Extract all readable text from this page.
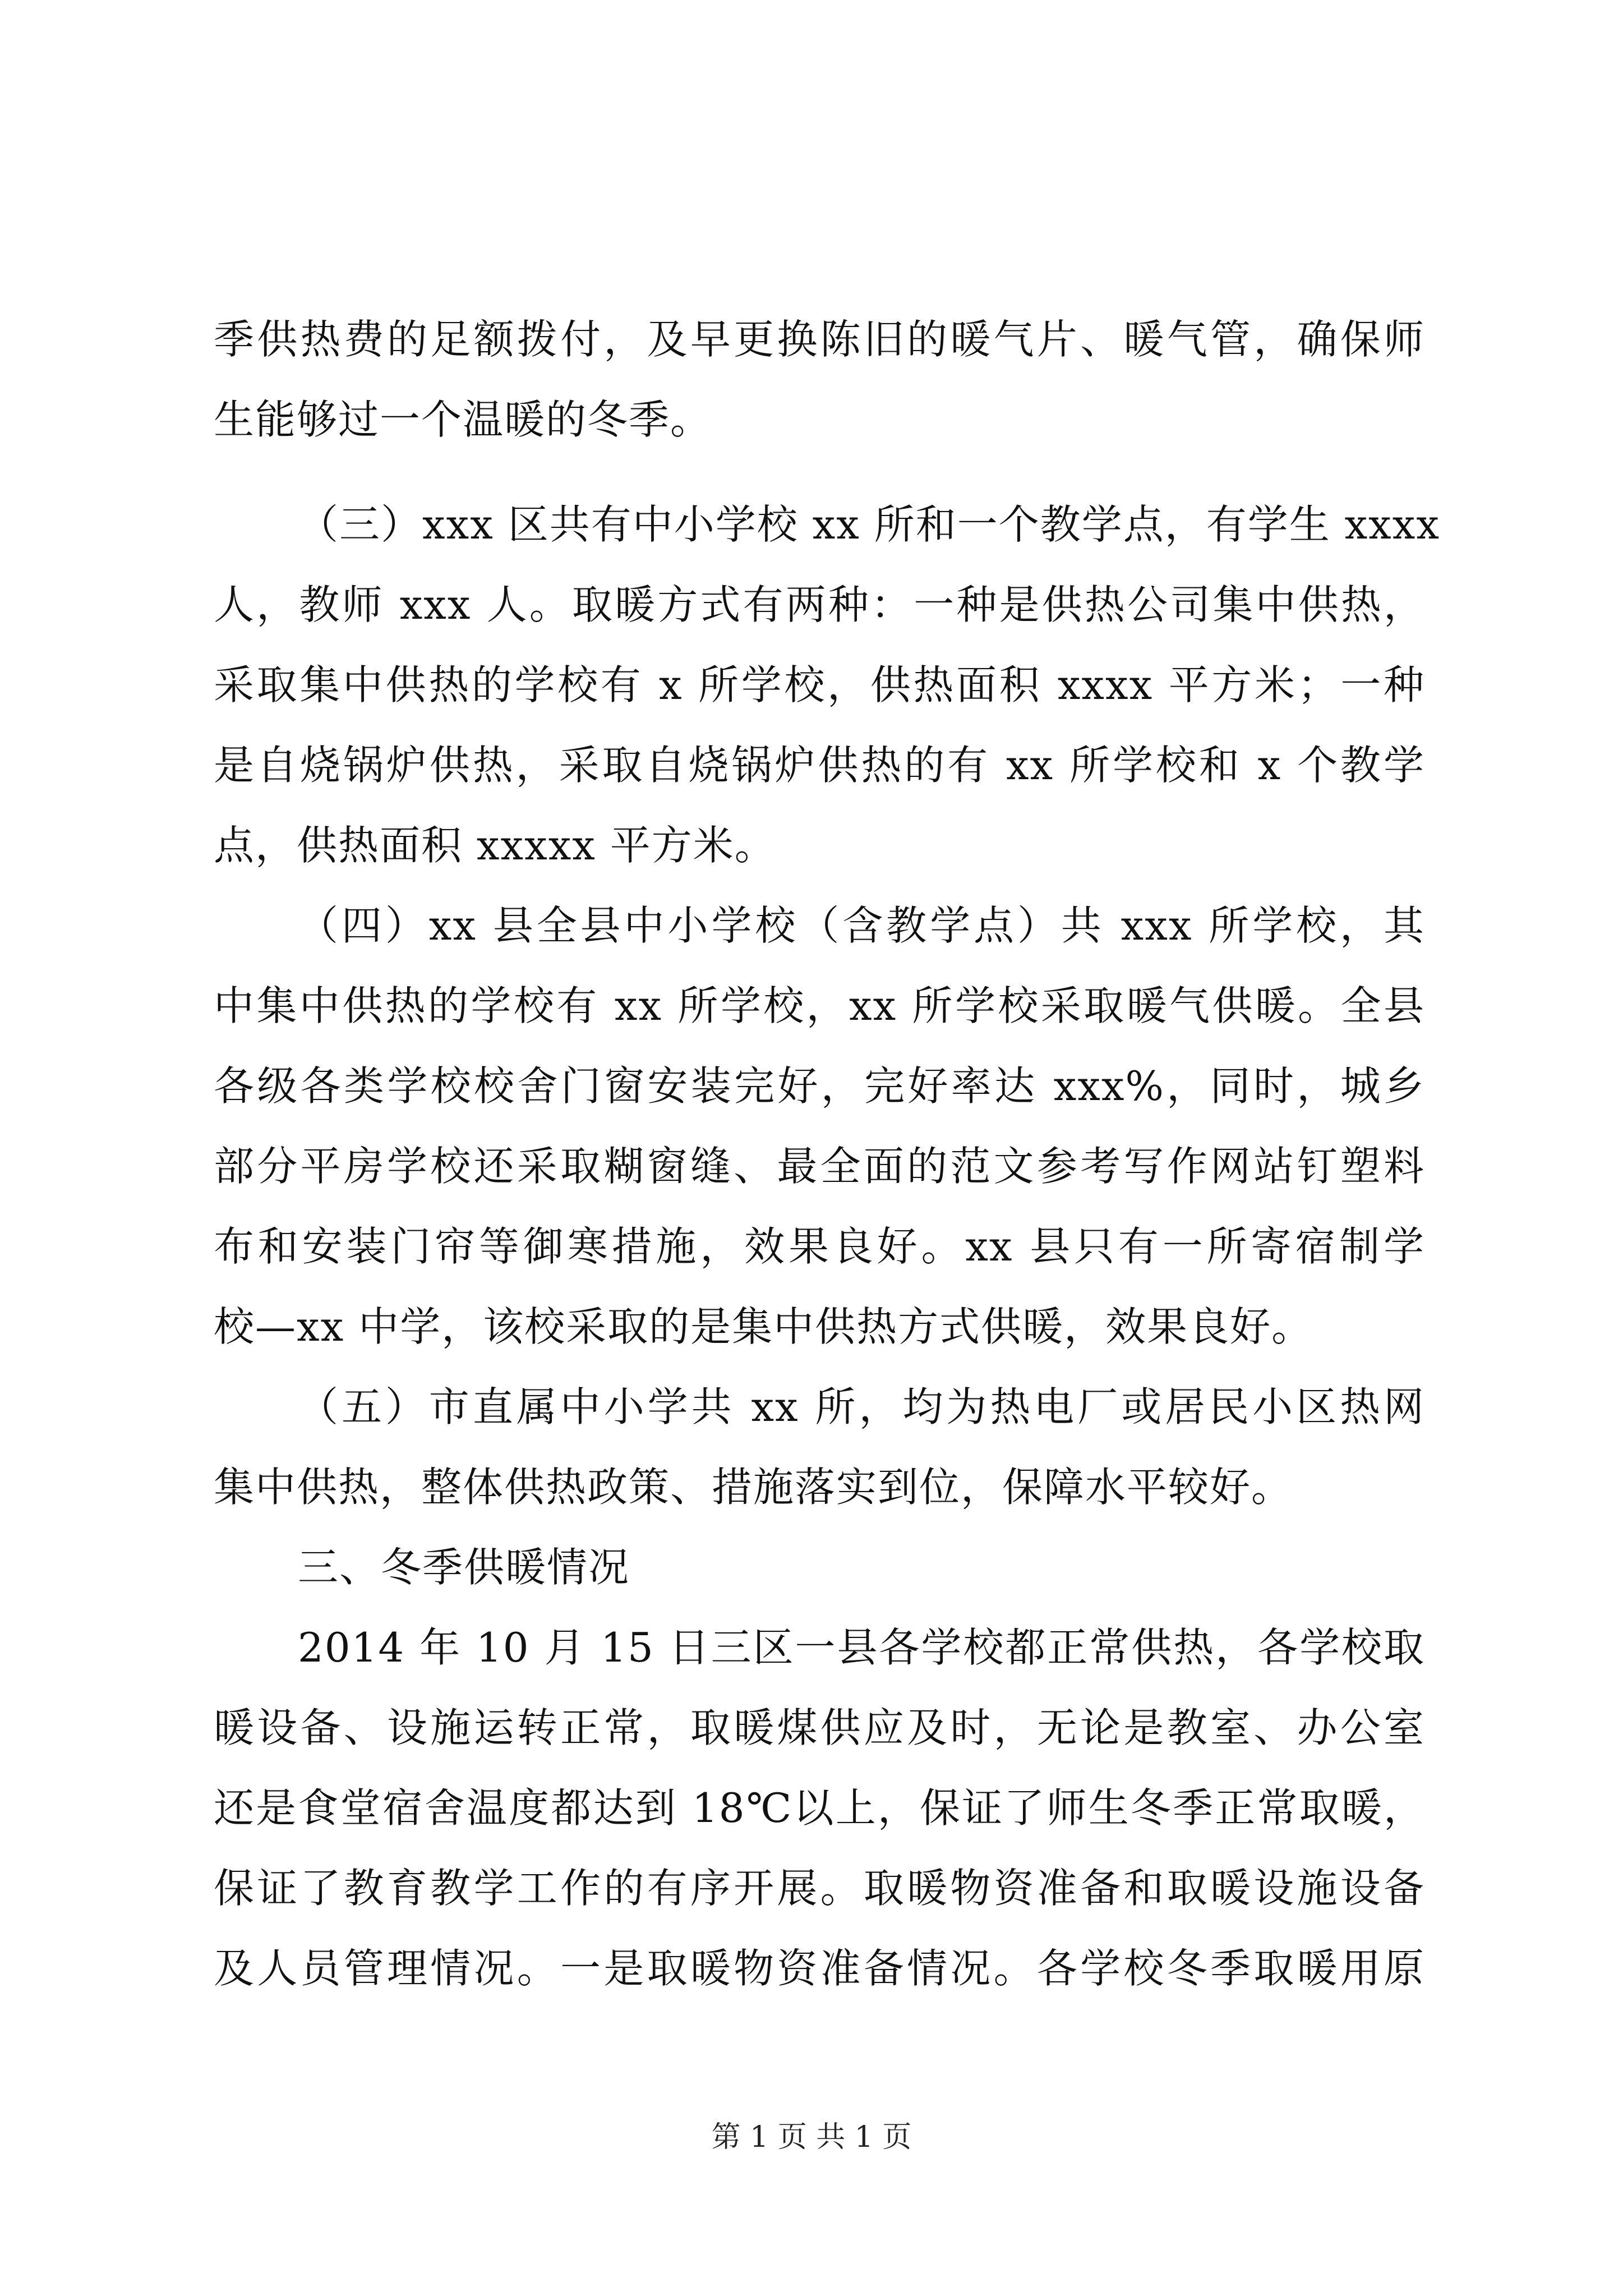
季供热费的足额拨付，及早更换陈旧的暖气片、暖气管，确保师
生能够过一个温暖的冬季。
（三）xxx 区共有中小学校 xx 所和一个教学点，有学生 xxxx
人，教师 xxx 人。取暖方式有两种：一种是供热公司集中供热，
采取集中供热的学校有 x 所学校，供热面积 xxxx 平方米；一种
是自烧锅炉供热，采取自烧锅炉供热的有 xx 所学校和 x 个教学
点，供热面积 xxxxx 平方米。
（四）xx 县全县中小学校（含教学点）共 xxx 所学校，其
中集中供热的学校有 xx 所学校，xx 所学校采取暖气供暖。全县
各级各类学校校舍门窗安装完好，完好率达 xxx%，同时，城乡
部分平房学校还采取糊窗缝、最全面的范文参考写作网站钉塑料
布和安装门帘等御寒措施，效果良好。xx 县只有一所寄宿制学
校—xx 中学，该校采取的是集中供热方式供暖，效果良好。
（五）市直属中小学共 xx 所，均为热电厂或居民小区热网
集中供热，整体供热政策、措施落实到位，保障水平较好。
三、冬季供暖情况
2014 年 10 月 15 日三区一县各学校都正常供热，各学校取
暖设备、设施运转正常，取暖煤供应及时，无论是教室、办公室
还是食堂宿舍温度都达到 18℃以上，保证了师生冬季正常取暖，
保证了教育教学工作的有序开展。取暖物资准备和取暖设施设备
及人员管理情况。一是取暖物资准备情况。各学校冬季取暖用原
第 1 页 共 1 页
